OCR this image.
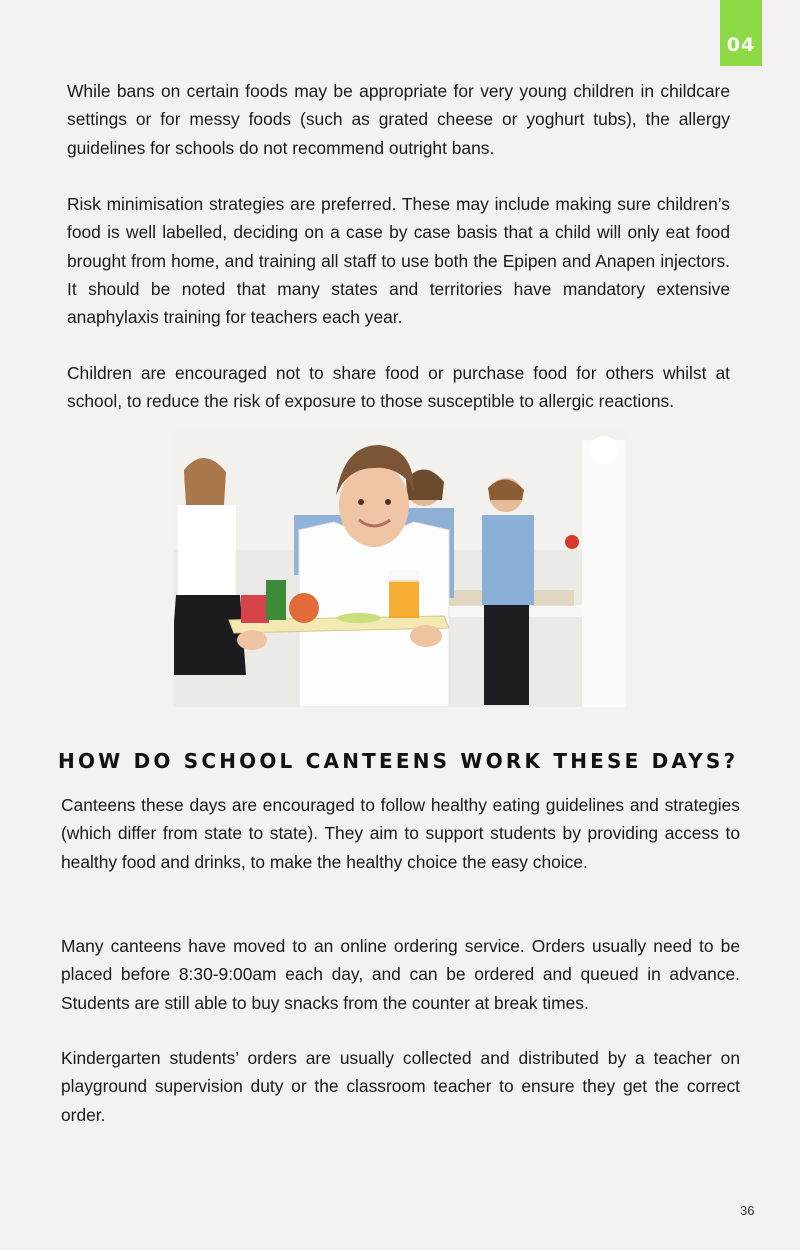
04

While bans on certain foods may be appropriate for very young children in childcare settings or for messy foods (such as grated cheese or yoghurt tubs), the allergy guidelines for schools do not recommend outright bans.

Risk minimisation strategies are preferred. These may include making sure children’s food is well labelled, deciding on a case by case basis that a child will only eat food brought from home, and training all staff to use both the Epipen and Anapen injectors. It should be noted that many states and territories have mandatory extensive anaphylaxis training for teachers each year.

Children are encouraged not to share food or purchase food for others whilst at school, to reduce the risk of exposure to those susceptible to allergic reactions.

HOW DO SCHOOL CANTEENS WORK THESE DAYS?

Canteens these days are encouraged to follow healthy eating guidelines and strategies (which differ from state to state). They aim to support students by providing access to healthy food and drinks, to make the healthy choice the easy choice.

Many canteens have moved to an online ordering service. Orders usually need to be placed before 8:30-9:00am each day, and can be ordered and queued in advance. Students are still able to buy snacks from the counter at break times.

Kindergarten students’ orders are usually collected and distributed by a teacher on playground supervision duty or the classroom teacher to ensure they get the correct order.

36
